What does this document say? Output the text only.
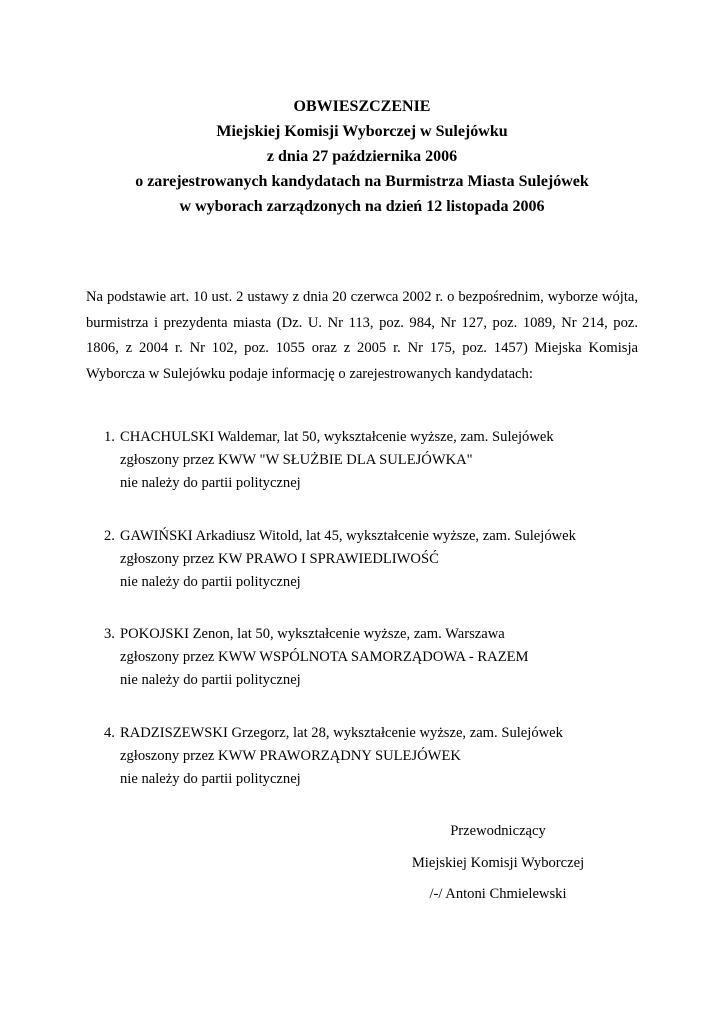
OBWIESZCZENIE
Miejskiej Komisji Wyborczej w Sulejówku
z dnia 27 października 2006
o zarejestrowanych kandydatach na Burmistrza Miasta Sulejówek
w wyborach zarządzonych na dzień 12 listopada 2006
Na podstawie art. 10 ust. 2 ustawy z dnia 20 czerwca 2002 r. o bezpośrednim, wyborze wójta, burmistrza i prezydenta miasta (Dz. U. Nr 113, poz. 984, Nr 127, poz. 1089, Nr 214, poz. 1806, z 2004 r. Nr 102, poz. 1055 oraz z 2005 r. Nr 175, poz. 1457) Miejska Komisja Wyborcza w Sulejówku podaje informację o zarejestrowanych kandydatach:
1. CHACHULSKI Waldemar, lat 50, wykształcenie wyższe, zam. Sulejówek
zgłoszony przez KWW "W SŁUŻBIE DLA SULEJÓWKA"
nie należy do partii politycznej
2. GAWIŃSKI Arkadiusz Witold, lat 45, wykształcenie wyższe, zam. Sulejówek
zgłoszony przez KW PRAWO I SPRAWIEDLIWOŚĆ
nie należy do partii politycznej
3. POKOJSKI Zenon, lat 50, wykształcenie wyższe, zam. Warszawa
zgłoszony przez KWW WSPÓLNOTA SAMORZĄDOWA - RAZEM
nie należy do partii politycznej
4. RADZISZEWSKI Grzegorz, lat 28, wykształcenie wyższe, zam. Sulejówek
zgłoszony przez KWW PRAWORZĄDNY SULEJÓWEK
nie należy do partii politycznej
Przewodniczący
Miejskiej Komisji Wyborczej
/-/ Antoni Chmielewski
